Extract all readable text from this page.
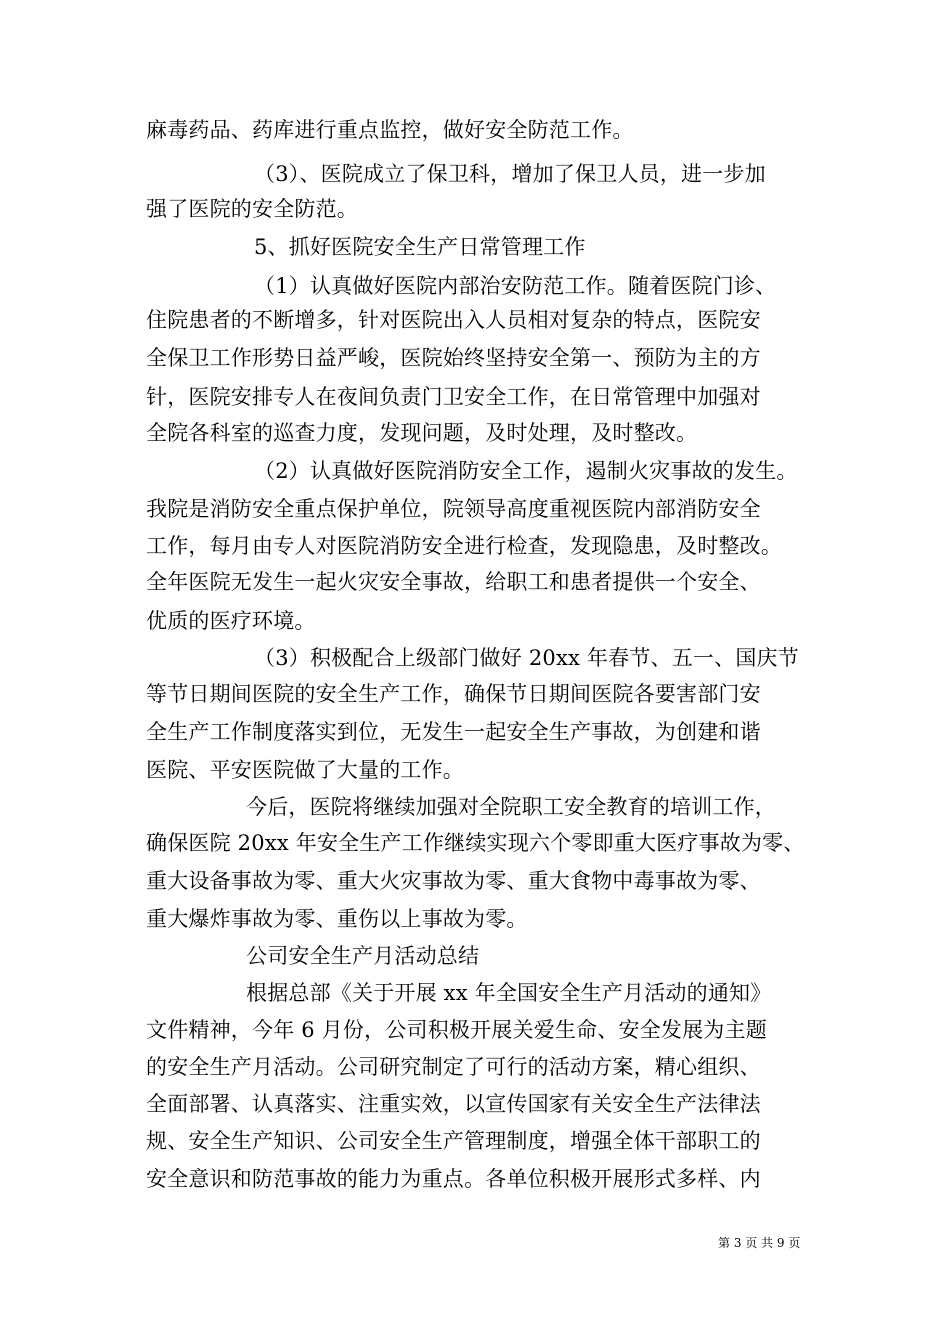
麻毒药品、药库进行重点监控，做好安全防范工作。
（3）、医院成立了保卫科，增加了保卫人员，进一步加
强了医院的安全防范。
5、抓好医院安全生产日常管理工作
（1）认真做好医院内部治安防范工作。随着医院门诊、
住院患者的不断增多，针对医院出入人员相对复杂的特点，医院安
全保卫工作形势日益严峻，医院始终坚持安全第一、预防为主的方
针，医院安排专人在夜间负责门卫安全工作，在日常管理中加强对
全院各科室的巡查力度，发现问题，及时处理，及时整改。
（2）认真做好医院消防安全工作，遏制火灾事故的发生。
我院是消防安全重点保护单位，院领导高度重视医院内部消防安全
工作，每月由专人对医院消防安全进行检查，发现隐患，及时整改。
全年医院无发生一起火灾安全事故，给职工和患者提供一个安全、
优质的医疗环境。
（3）积极配合上级部门做好 20xx 年春节、五一、国庆节
等节日期间医院的安全生产工作，确保节日期间医院各要害部门安
全生产工作制度落实到位，无发生一起安全生产事故，为创建和谐
医院、平安医院做了大量的工作。
今后，医院将继续加强对全院职工安全教育的培训工作，
确保医院 20xx 年安全生产工作继续实现六个零即重大医疗事故为零、
重大设备事故为零、重大火灾事故为零、重大食物中毒事故为零、
重大爆炸事故为零、重伤以上事故为零。
公司安全生产月活动总结
根据总部《关于开展 xx 年全国安全生产月活动的通知》
文件精神，今年 6 月份，公司积极开展关爱生命、安全发展为主题
的安全生产月活动。公司研究制定了可行的活动方案，精心组织、
全面部署、认真落实、注重实效，以宣传国家有关安全生产法律法
规、安全生产知识、公司安全生产管理制度，增强全体干部职工的
安全意识和防范事故的能力为重点。各单位积极开展形式多样、内
第 3 页 共 9 页
